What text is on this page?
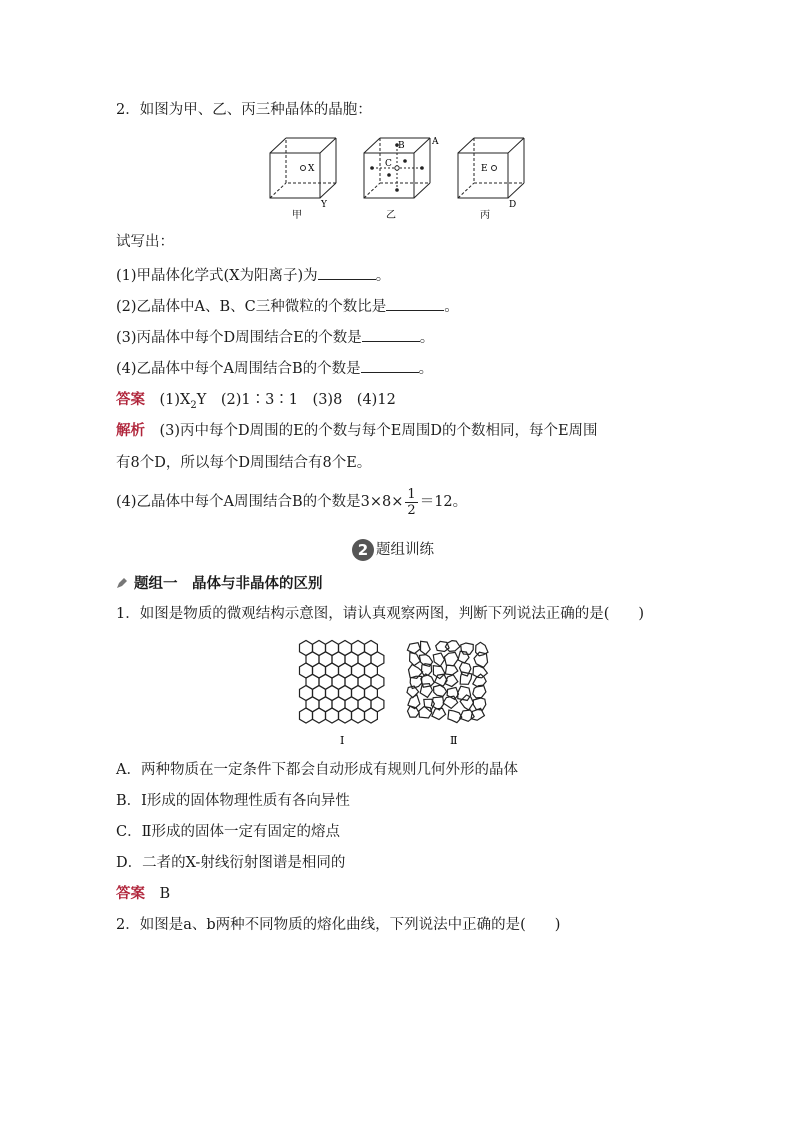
2．如图为甲、乙、丙三种晶体的晶胞：
X
Y
甲
B	A
C
乙
E
D
丙
试写出：
(1)甲晶体化学式(X为阳离子)为	。
(2)乙晶体中A、B、C三种微粒的个数比是	。
(3)丙晶体中每个D周围结合E的个数是	。
(4)乙晶体中每个A周围结合B的个数是	。
答案　 $(1)X_2Y$　(2)1∶3∶1　(3)8　(4)12
解析　 (3)丙中每个D周围的E的个数与每个E周围D的个数相同，每个E周围
有8个D，所以每个D周围结合有8个E。
(4)乙晶体中每个A周围结合B的个数是$3\times 8\times \frac{1}{2} =12$。
2 题组训练
题组一　晶体与非晶体的区别
1．如图是物质的微观结构示意图，请认真观察两图，判断下列说法正确的是(　　)
Ⅰ	Ⅱ
A．两种物质在一定条件下都会自动形成有规则几何外形的晶体
B．Ⅰ形成的固体物理性质有各向异性
C．Ⅱ形成的固体一定有固定的熔点
D．二者的X-射线衍射图谱是相同的
答案　B
2．如图是a、b两种不同物质的熔化曲线，下列说法中正确的是(　　)
